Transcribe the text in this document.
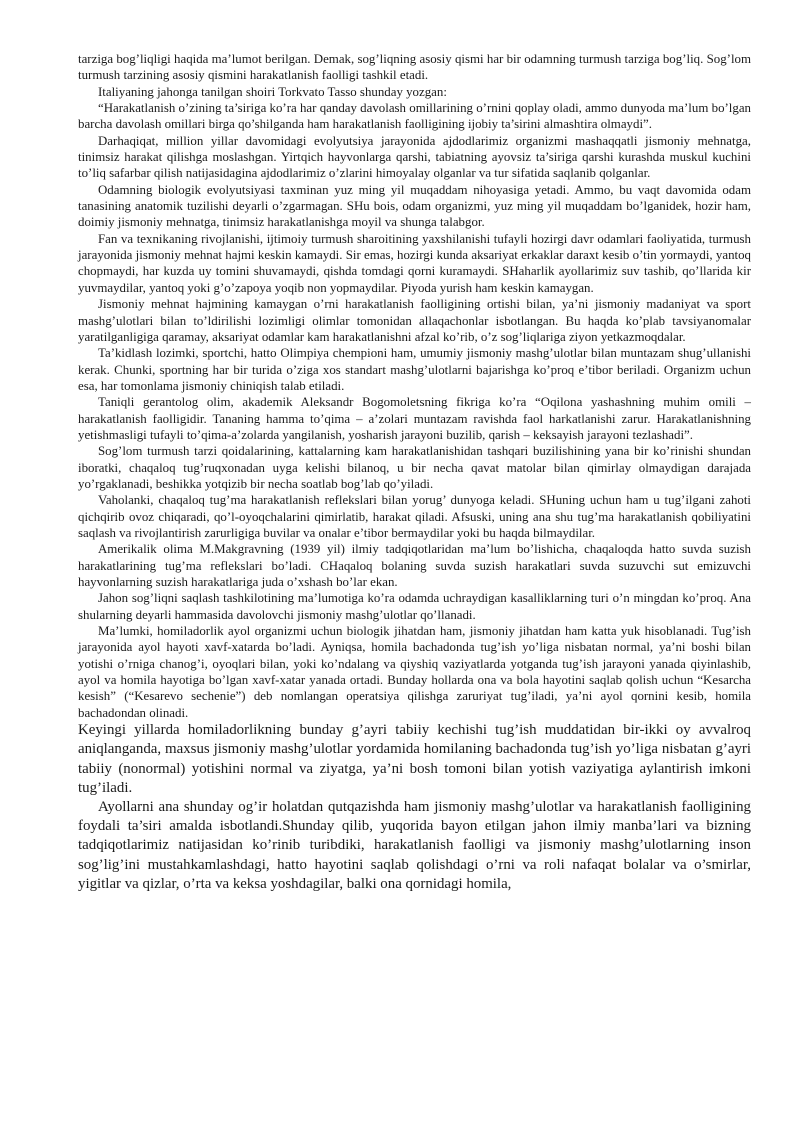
tarziga bog’liqligi haqida ma’lumot berilgan. Demak, sog’liqning asosiy qismi har bir odamning turmush tarziga bog’liq. Sog’lom turmush tarzining asosiy qismini harakatlanish faolligi tashkil etadi.

Italiyaning jahonga tanilgan shoiri Torkvato Tasso shunday yozgan:

“Harakatlanish o’zining ta’siriga ko’ra har qanday davolash omillarining o’rnini qoplay oladi, ammo dunyoda ma’lum bo’lgan barcha davolash omillari birga qo’shilganda ham harakatlanish faolligining ijobiy ta’sirini almashtira olmaydi”.

Darhaqiqat, million yillar davomidagi evolyutsiya jarayonida ajdodlarimiz organizmi mashaqqatli jismoniy mehnatga, tinimsiz harakat qilishga moslashgan. Yirtqich hayvonlarga qarshi, tabiatning ayovsiz ta’siriga qarshi kurashda muskul kuchini to’liq safarbar qilish natijasidagina ajdodlarimiz o’zlarini himoyalay olganlar va tur sifatida saqlanib qolganlar.

Odamning biologik evolyutsiyasi taxminan yuz ming yil muqaddam nihoyasiga yetadi. Ammo, bu vaqt davomida odam tanasining anatomik tuzilishi deyarli o’zgarmagan. SHu bois, odam organizmi, yuz ming yil muqaddam bo’lganidek, hozir ham, doimiy jismoniy mehnatga, tinimsiz harakatlanishga moyil va shunga talabgor.

Fan va texnikaning rivojlanishi, ijtimoiy turmush sharoitining yaxshilanishi tufayli hozirgi davr odamlari faoliyatida, turmush jarayonida jismoniy mehnat hajmi keskin kamaydi. Sir emas, hozirgi kunda aksariyat erkaklar daraxt kesib o’tin yormaydi, yantoq chopmaydi, har kuzda uy tomini shuvamaydi, qishda tomdagi qorni kuramaydi. SHaharlik ayollarimiz suv tashib, qo’llarida kir yuvmaydilar, yantoq yoki g’o’zapoya yoqib non yopmaydilar. Piyoda yurish ham keskin kamaygan.

Jismoniy mehnat hajmining kamaygan o’rni harakatlanish faolligining ortishi bilan, ya’ni jismoniy madaniyat va sport mashg’ulotlari bilan to’ldirilishi lozimligi olimlar tomonidan allaqachonlar isbotlangan. Bu haqda ko’plab tavsiyanomalar yaratilganligiga qaramay, aksariyat odamlar kam harakatlanishni afzal ko’rib, o’z sog’liqlariga ziyon yetkazmoqdalar.

Ta’kidlash lozimki, sportchi, hatto Olimpiya chempioni ham, umumiy jismoniy mashg’ulotlar bilan muntazam shug’ullanishi kerak. Chunki, sportning har bir turida o’ziga xos standart mashg’ulotlarni bajarishga ko’proq e’tibor beriladi. Organizm uchun esa, har tomonlama jismoniy chiniqish talab etiladi.

Taniqli gerantolog olim, akademik Aleksandr Bogomoletsning fikriga ko’ra “Oqilona yashashning muhim omili – harakatlanish faolligidir. Tananing hamma to’qima – a’zolari muntazam ravishda faol harkatlanishi zarur. Harakatlanishning yetishmasligi tufayli to’qima-a’zolarda yangilanish, yosharish jarayoni buzilib, qarish – keksayish jarayoni tezlashadi”.

Sog’lom turmush tarzi qoidalarining, kattalarning kam harakatlanishidan tashqari buzilishining yana bir ko’rinishi shundan iboratki, chaqaloq tug’ruqxonadan uyga kelishi bilanoq, u bir necha qavat matolar bilan qimirlay olmaydigan darajada yo’rgaklanadi, beshikka yotqizib bir necha soatlab bog’lab qo’yiladi.

Vaholanki, chaqaloq tug’ma harakatlanish reflekslari bilan yorug’ dunyoga keladi. SHuning uchun ham u tug’ilgani zahoti qichqirib ovoz chiqaradi, qo’l-oyoqchalarini qimirlatib, harakat qiladi. Afsuski, uning ana shu tug’ma harakatlanish qobiliyatini saqlash va rivojlantirish zarurligiga buvilar va onalar e’tibor bermaydilar yoki bu haqda bilmaydilar.

Amerikalik olima M.Makgravning (1939 yil) ilmiy tadqiqotlaridan ma’lum bo’lishicha, chaqaloqda hatto suvda suzish harakatlarining tug’ma reflekslari bo’ladi. CHaqaloq bolaning suvda suzish harakatlari suvda suzuvchi sut emizuvchi hayvonlarning suzish harakatlariga juda o’xshash bo’lar ekan.

Jahon sog’liqni saqlash tashkilotining ma’lumotiga ko’ra odamda uchraydigan kasalliklarning turi o’n mingdan ko’proq. Ana shularning deyarli hammasida davolovchi jismoniy mashg’ulotlar qo’llanadi.

Ma’lumki, homiladorlik ayol organizmi uchun biologik jihatdan ham, jismoniy jihatdan ham katta yuk hisoblanadi. Tug’ish jarayonida ayol hayoti xavf-xatarda bo’ladi. Ayniqsa, homila bachadonda tug’ish yo’liga nisbatan normal, ya’ni boshi bilan yotishi o’rniga chanog’i, oyoqlari bilan, yoki ko’ndalang va qiyshiq vaziyatlarda yotganda tug’ish jarayoni yanada qiyinlashib, ayol va homila hayotiga bo’lgan xavf-xatar yanada ortadi. Bunday hollarda ona va bola hayotini saqlab qolish uchun “Kesarcha kesish” (“Kesarevo sechenie”) deb nomlangan operatsiya qilishga zaruriyat tug’iladi, ya’ni ayol qornini kesib, homila bachadondan olinadi.

Keyingi yillarda homiladorlikning bunday g’ayri tabiiy kechishi tug’ish muddatidan bir-ikki oy avvalroq aniqlanganda, maxsus jismoniy mashg’ulotlar yordamida homilaning bachadonda tug’ish yo’liga nisbatan g’ayri tabiiy (nonormal) yotishini normal va ziyatga, ya’ni bosh tomoni bilan yotish vaziyatiga aylantirish imkoni tug’iladi.

Ayollarni ana shunday og’ir holatdan qutqazishda ham jismoniy mashg’ulotlar va harakatlanish faolligining foydali ta’siri amalda isbotlandi.Shunday qilib, yuqorida bayon etilgan jahon ilmiy manba’lari va bizning tadqiqotlarimiz natijasidan ko’rinib turibdiki, harakatlanish faolligi va jismoniy mashg’ulotlarning inson sog’lig’ini mustahkamlashdagi, hatto hayotini saqlab qolishdagi o’rni va roli nafaqat bolalar va o’smirlar, yigitlar va qizlar, o’rta va keksa yoshdagilar, balki ona qornidagi homila,
